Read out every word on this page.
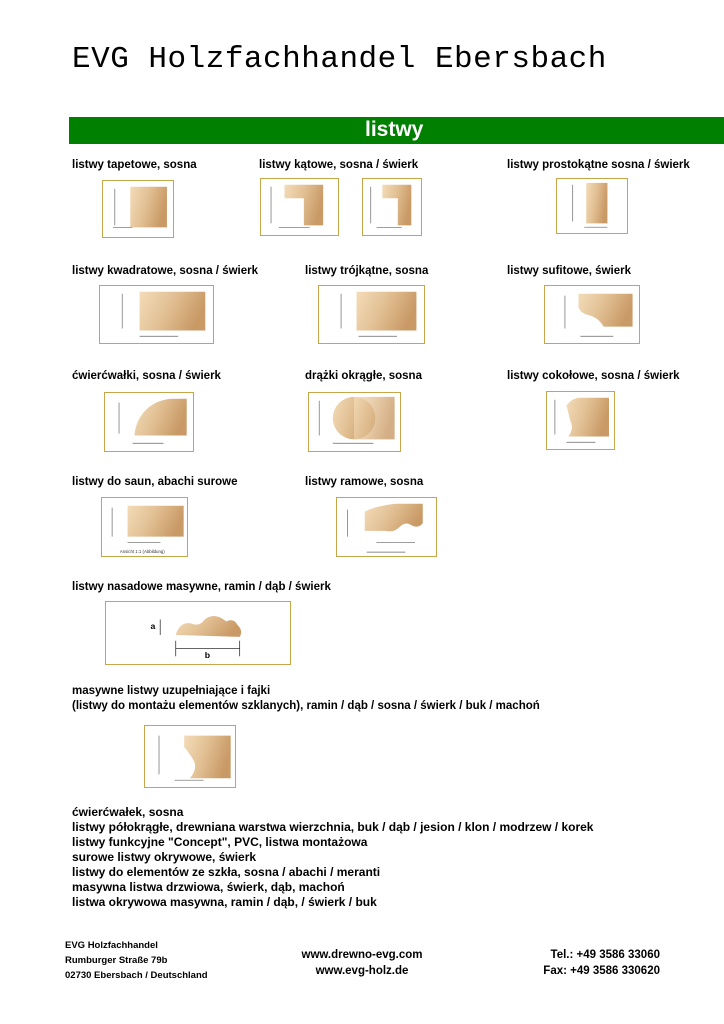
EVG Holzfachhandel Ebersbach
listwy
listwy tapetowe, sosna	listwy kątowe, sosna / świerk	listwy prostokątne sosna / świerk
listwy kwadratowe, sosna / świerk	listwy trójkątne, sosna	listwy sufitowe, świerk
ćwierćwałki, sosna / świerk	drążki okrągłe, sosna	listwy cokołowe, sosna / świerk
listwy do saun, abachi surowe	listwy ramowe, sosna
Ansicht 1:1 (Abbildung)
listwy nasadowe masywne, ramin / dąb / świerk
b
a
masywne listwy uzupełniające i fajki
(listwy do montażu elementów szklanych), ramin / dąb / sosna / świerk / buk / machoń
ćwierćwałek, sosna
listwy półokrągłe, drewniana warstwa wierzchnia, buk / dąb / jesion / klon / modrzew / korek
listwy funkcyjne "Concept", PVC, listwa montażowa
surowe listwy okrywowe, świerk
listwy do elementów ze szkła, sosna / abachi / meranti
masywna listwa drzwiowa, świerk, dąb, machoń
listwa okrywowa masywna, ramin / dąb, / świerk / buk
EVG Holzfachhandel
Rumburger Straße 79b
02730 Ebersbach / Deutschland
www.drewno-evg.com
www.evg-holz.de
Tel.: +49 3586 33060
Fax: +49 3586 330620
